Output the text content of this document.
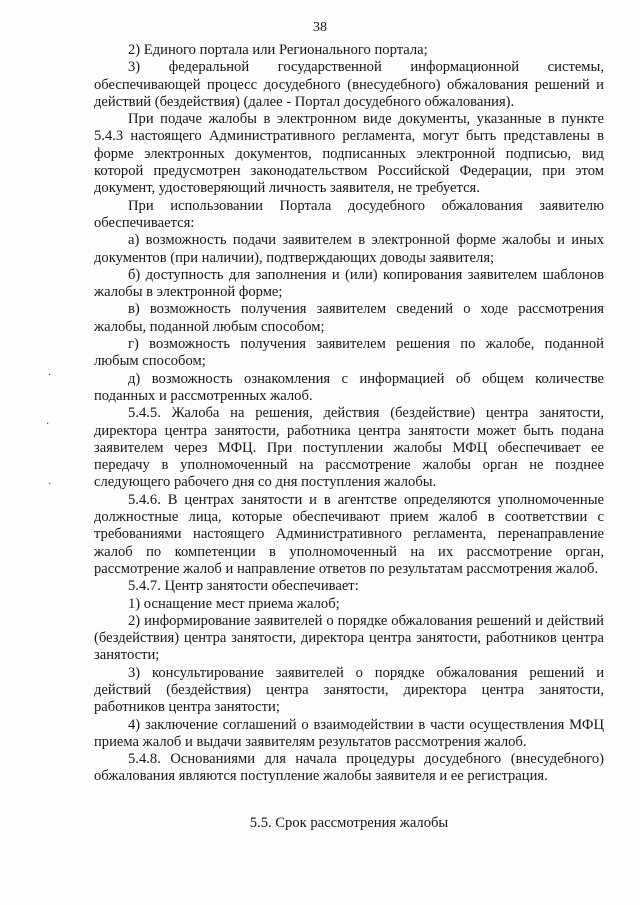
38

2) Единого портала или Регионального портала;

3) федеральной государственной информационной системы, обеспечивающей процесс досудебного (внесудебного) обжалования решений и действий (бездействия) (далее - Портал досудебного обжалования).

При подаче жалобы в электронном виде документы, указанные в пункте 5.4.3 настоящего Административного регламента, могут быть представлены в форме электронных документов, подписанных электронной подписью, вид которой предусмотрен законодательством Российской Федерации, при этом документ, удостоверяющий личность заявителя, не требуется.

При использовании Портала досудебного обжалования заявителю обеспечивается:

а) возможность подачи заявителем в электронной форме жалобы и иных документов (при наличии), подтверждающих доводы заявителя;

б) доступность для заполнения и (или) копирования заявителем шаблонов жалобы в электронной форме;

в) возможность получения заявителем сведений о ходе рассмотрения жалобы, поданной любым способом;

г) возможность получения заявителем решения по жалобе, поданной любым способом;

д) возможность ознакомления с информацией об общем количестве поданных и рассмотренных жалоб.

5.4.5. Жалоба на решения, действия (бездействие) центра занятости, директора центра занятости, работника центра занятости может быть подана заявителем через МФЦ. При поступлении жалобы МФЦ обеспечивает ее передачу в уполномоченный на рассмотрение жалобы орган не позднее следующего рабочего дня со дня поступления жалобы.

5.4.6. В центрах занятости и в агентстве определяются уполномоченные должностные лица, которые обеспечивают прием жалоб в соответствии с требованиями настоящего Административного регламента, перенаправление жалоб по компетенции в уполномоченный на их рассмотрение орган, рассмотрение жалоб и направление ответов по результатам рассмотрения жалоб.

5.4.7. Центр занятости обеспечивает:

1) оснащение мест приема жалоб;

2) информирование заявителей о порядке обжалования решений и действий (бездействия) центра занятости, директора центра занятости, работников центра занятости;

3) консультирование заявителей о порядке обжалования решений и действий (бездействия) центра занятости, директора центра занятости, работников центра занятости;

4) заключение соглашений о взаимодействии в части осуществления МФЦ приема жалоб и выдачи заявителям результатов рассмотрения жалоб.

5.4.8. Основаниями для начала процедуры досудебного (внесудебного) обжалования являются поступление жалобы заявителя и ее регистрация.

5.5. Срок рассмотрения жалобы
·
·
·
